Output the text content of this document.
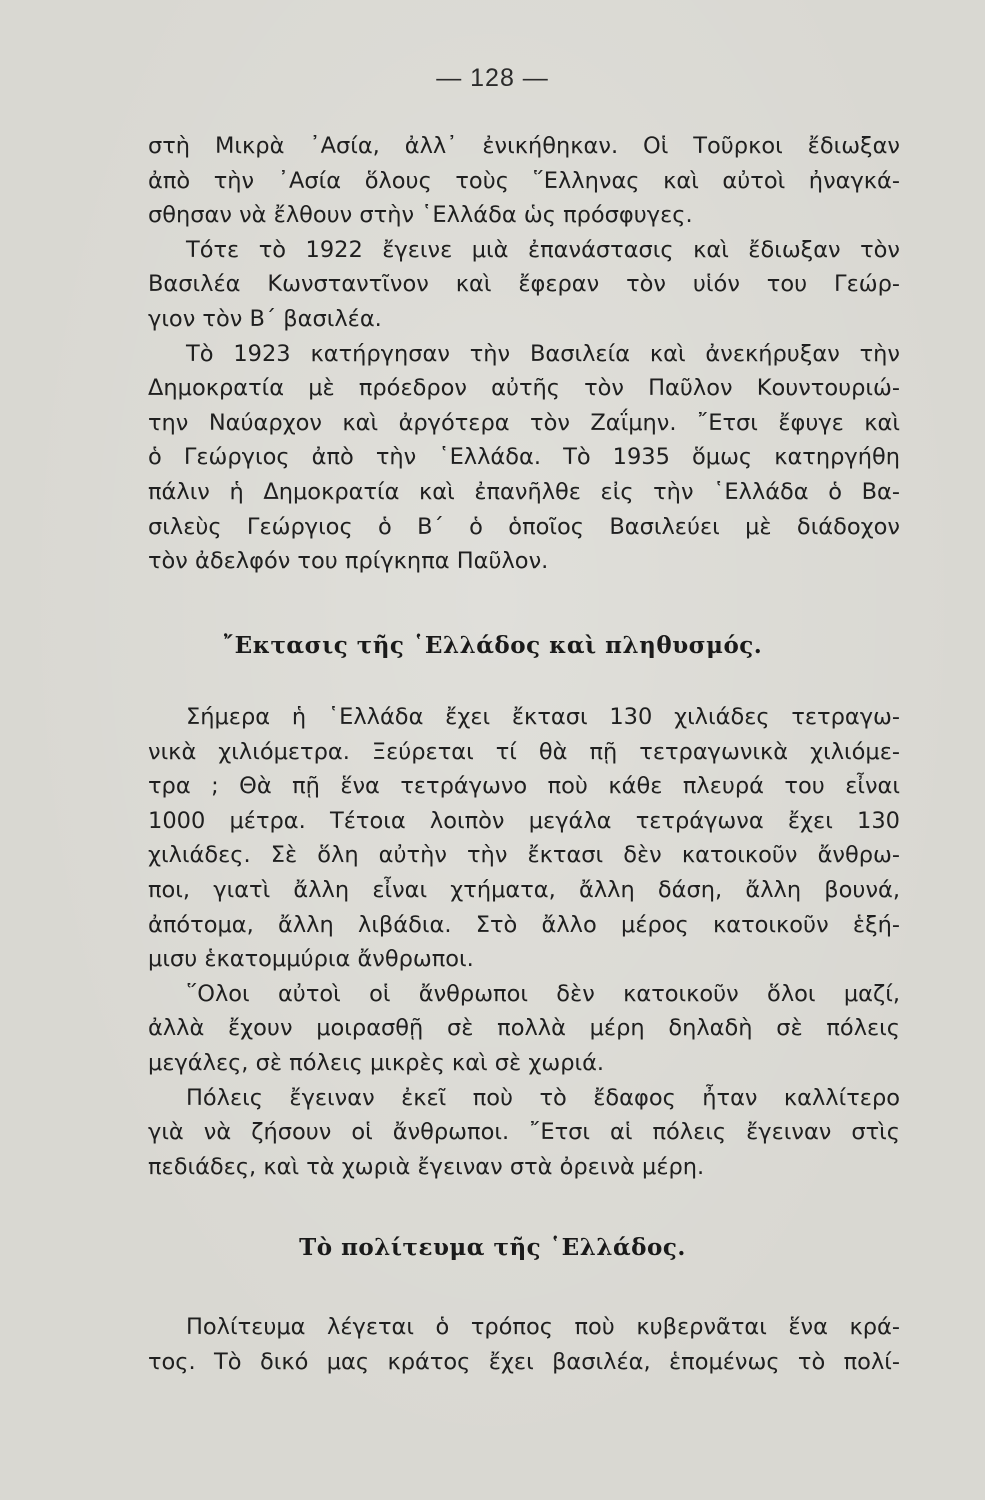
— 128 —
στὴ Μικρὰ ᾿Ασία, ἀλλ᾿ ἐνικήθηκαν. Οἱ Τοῦρκοι ἔδιωξαν
ἀπὸ τὴν ᾿Ασία ὅλους τοὺς ῞Ελληνας καὶ αὐτοὶ ἠναγκά-
σθησαν νὰ ἔλθουν στὴν ῾Ελλάδα ὡς πρόσφυγες.
Τότε τὸ 1922 ἔγεινε μιὰ ἐπανάστασις καὶ ἔδιωξαν τὸν
Βασιλέα Κωνσταντῖνον καὶ ἔφεραν τὸν υἱόν του Γεώρ-
γιον τὸν Β΄ βασιλέα.
Τὸ 1923 κατήργησαν τὴν Βασιλεία καὶ ἀνεκήρυξαν τὴν
Δημοκρατία μὲ πρόεδρον αὐτῆς τὸν Παῦλον Κουντουριώ-
την Ναύαρχον καὶ ἀργότερα τὸν Ζαΐμην. ῎Ετσι ἔφυγε καὶ
ὁ Γεώργιος ἀπὸ τὴν ῾Ελλάδα. Τὸ 1935 ὅμως κατηργήθη
πάλιν ἡ Δημοκρατία καὶ ἐπανῆλθε εἰς τὴν ῾Ελλάδα ὁ Βα-
σιλεὺς Γεώργιος ὁ Β΄ ὁ ὁποῖος Βασιλεύει μὲ διάδοχον
τὸν ἀδελφόν του πρίγκηπα Παῦλον.
῎Εκτασις τῆς ῾Ελλάδος καὶ πληθυσμός.
Σήμερα ἡ ῾Ελλάδα ἔχει ἔκτασι 130 χιλιάδες τετραγω-
νικὰ χιλιόμετρα. Ξεύρεται τί θὰ πῇ τετραγωνικὰ χιλιόμε-
τρα ; Θὰ πῇ ἕνα τετράγωνο ποὺ κάθε πλευρά του εἶναι
1000 μέτρα. Τέτοια λοιπὸν μεγάλα τετράγωνα ἔχει 130
χιλιάδες. Σὲ ὅλη αὐτὴν τὴν ἔκτασι δὲν κατοικοῦν ἄνθρω-
ποι, γιατὶ ἄλλη εἶναι χτήματα, ἄλλη δάση, ἄλλη βουνά,
ἀπότομα, ἄλλη λιβάδια. Στὸ ἄλλο μέρος κατοικοῦν ἑξή-
μισυ ἑκατομμύρια ἄνθρωποι.
῞Ολοι αὐτοὶ οἱ ἄνθρωποι δὲν κατοικοῦν ὅλοι μαζί,
ἀλλὰ ἔχουν μοιρασθῇ σὲ πολλὰ μέρη δηλαδὴ σὲ πόλεις
μεγάλες, σὲ πόλεις μικρὲς καὶ σὲ χωριά.
Πόλεις ἔγειναν ἐκεῖ ποὺ τὸ ἔδαφος ἦταν καλλίτερο
γιὰ νὰ ζήσουν οἱ ἄνθρωποι. ῎Ετσι αἱ πόλεις ἔγειναν στὶς
πεδιάδες, καὶ τὰ χωριὰ ἔγειναν στὰ ὀρεινὰ μέρη.
Τὸ πολίτευμα τῆς ῾Ελλάδος.
Πολίτευμα λέγεται ὁ τρόπος ποὺ κυβερνᾶται ἕνα κρά-
τος. Τὸ δικό μας κράτος ἔχει βασιλέα, ἑπομένως τὸ πολί-
